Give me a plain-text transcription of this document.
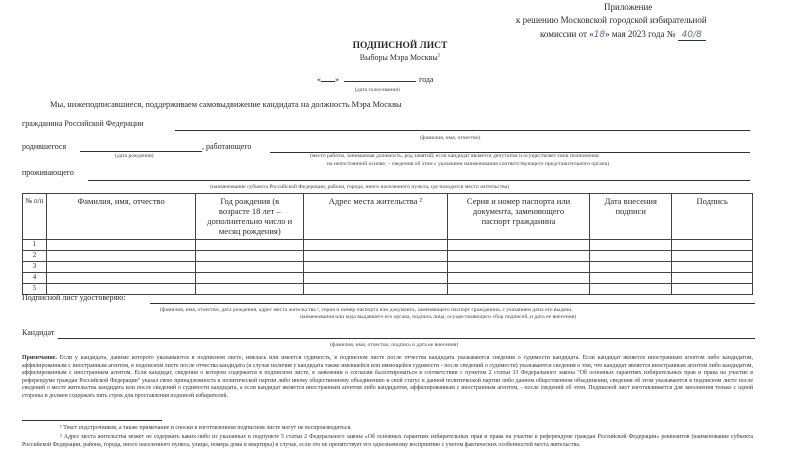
Приложение
к решению Московской городской избирательной
комиссии от «18» мая 2023 года № 40/8
ПОДПИСНОЙ ЛИСТ
Выборы Мэра Москвы$^1$
« »	года
(дата голосования)
Мы, нижеподписавшиеся, поддерживаем самовыдвижение кандидата на должность Мэра Москвы
гражданина Российской Федерации
(фамилия, имя, отчество)
родившегося	, работающего
(дата рождения)	(место работы, занимаемая должность, род занятий; если кандидат является депутатом и осуществляет свои полномочия
на непостоянной основе, – сведения об этом с указанием наименования соответствующего представительного органа)
проживающего
(наименование субъекта Российской Федерации, района, города, иного населенного пункта, где находится место жительства)
№ п/п	Фамилия, имя, отчество	Год рождения (в возрасте 18 лет – дополнительно число и месяц рождения)	Адрес места жительства ²	Серия и номер паспорта или документа, заменяющего паспорт гражданина	Дата внесения подписи	Подпись
1						
2						
3						
4						
5						
Подписной лист удостоверяю:
(фамилия, имя, отчество, дата рождения, адрес места жительства ², серия и номер паспорта или документа, заменяющего паспорт гражданина, с указанием даты его выдачи,
наименования или кода выдавшего его органа, подпись лица, осуществляющего сбор подписей, и дата ее внесения)
Кандидат
(фамилия, имя, отчество, подпись и дата ее внесения)
Примечание. Если у кандидата, данные которого указываются в подписном листе, имелась или имеется судимость, в подписном листе после отчества кандидата указываются сведения о судимости кандидата. Если кандидат является иностранным агентом либо кандидатом, аффилированным с иностранным агентом, в подписном листе после отчества кандидата (в случае наличия у кандидата также имевшейся или имеющейся судимости - после сведений о судимости) указываются сведения о том, что кандидат является иностранным агентом либо кандидатом, аффилированным с иностранным агентом. Если кандидат, сведения о котором содержатся в подписном листе, в заявлении о согласии баллотироваться в соответствии с пунктом 2 статьи 33 Федерального закона "Об основных гарантиях избирательных прав и права на участие в референдуме граждан Российской Федерации" указал свою принадлежность к политической партии либо иному общественному объединению и свой статус в данной политической партии либо данном общественном объединении, сведения об этом указываются в подписном листе после сведений о месте жительства кандидата или после сведений о судимости кандидата, а если кандидат является иностранным агентом либо кандидатом, аффилированным с иностранным агентом, - после сведений об этом. Подписной лист изготавливается для заполнения только с одной стороны и должен содержать пять строк для проставления подписей избирателей.
¹ Текст подстрочников, а также примечание и сноски в изготовленном подписном листе могут не воспроизводиться.
² Адрес места жительства может не содержать каких-либо из указанных в подпункте 5 статьи 2 Федерального закона «Об основных гарантиях избирательных прав и права на участие в референдуме граждан Российской Федерации» реквизитов (наименование субъекта Российской Федерации, района, города, иного населенного пункта, улицы, номера дома и квартиры) в случае, если это не препятствует его однозначному восприятию с учетом фактических особенностей места жительства.
